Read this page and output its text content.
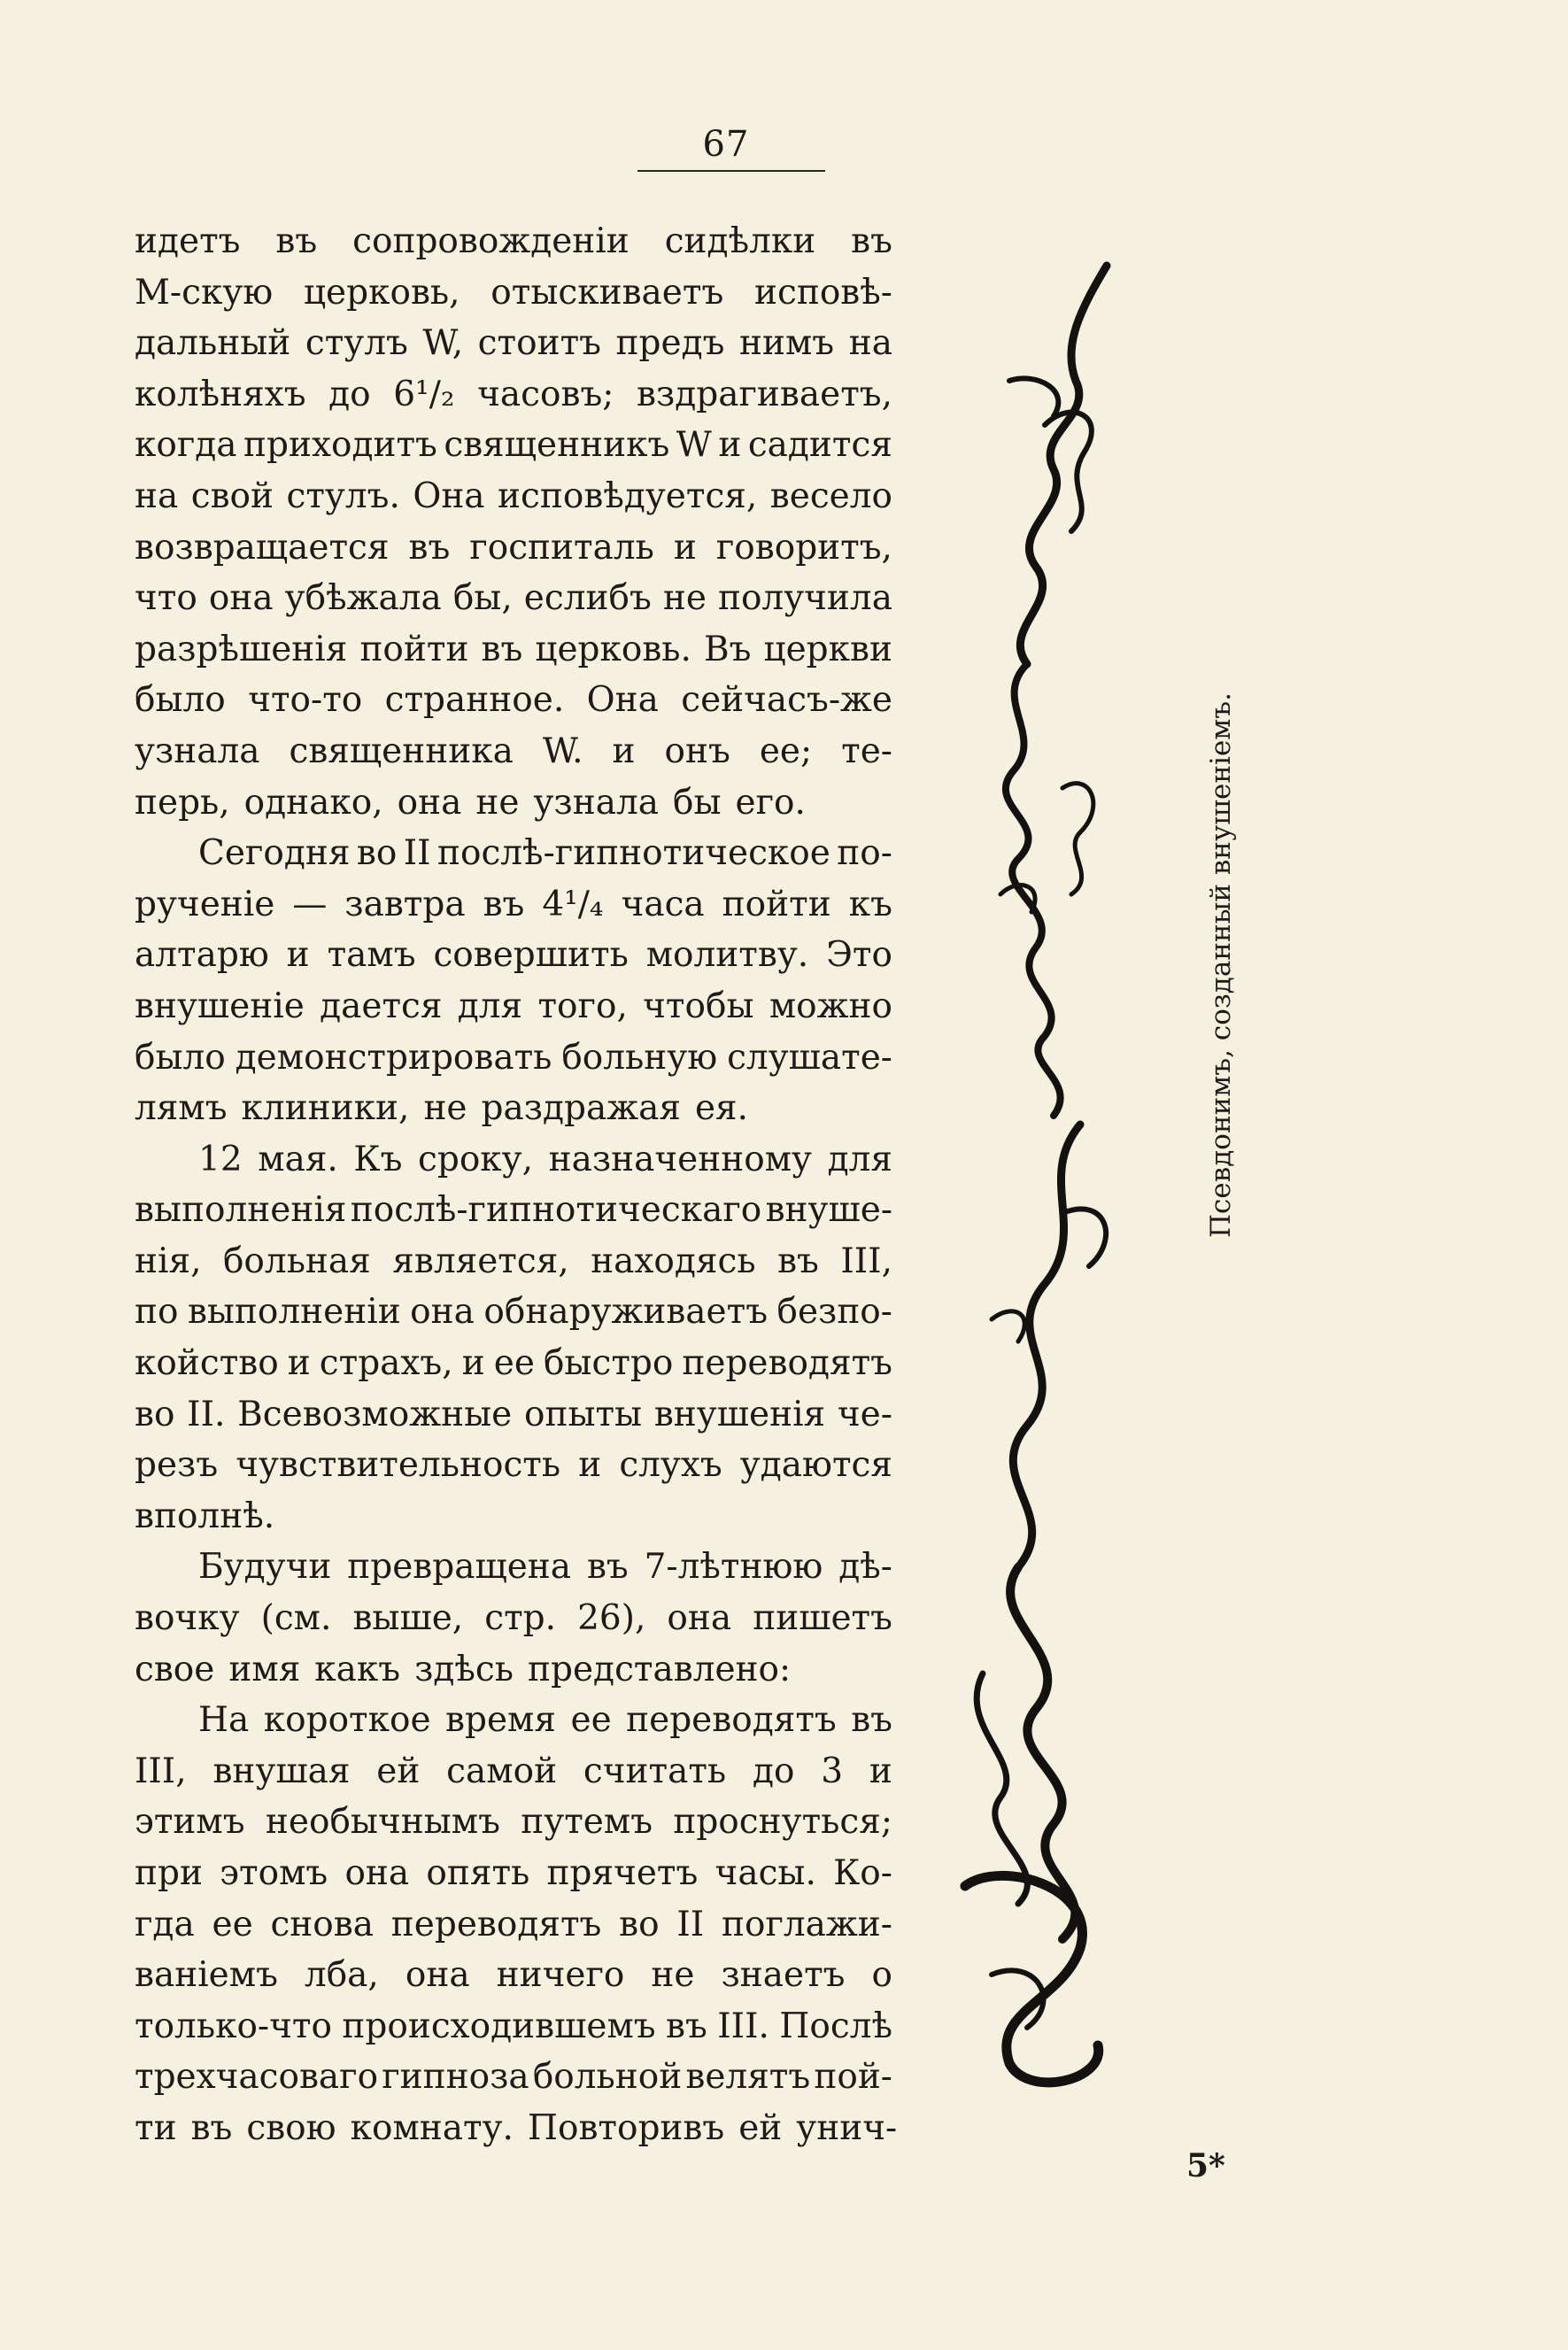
67
идетъ въ сопровожденіи сидѣлки въ
М-скую церковь, отыскиваетъ исповѣ-
дальный стулъ W, стоитъ предъ нимъ на
колѣняхъ до 6¹/₂ часовъ; вздрагиваетъ,
когда приходитъ священникъ W и садится
на свой стулъ. Она исповѣдуется, весело
возвращается въ госпиталь и говоритъ,
что она убѣжала бы, еслибъ не получила
разрѣшенія пойти въ церковь. Въ церкви
было что-то странное. Она сейчасъ-же
узнала священника W. и онъ ее; те-
перь, однако, она не узнала бы его.
Сегодня во II послѣ-гипнотическое по-
рученіе — завтра въ 4¹/₄ часа пойти къ
алтарю и тамъ совершить молитву. Это
внушеніе дается для того, чтобы можно
было демонстрировать больную слушате-
лямъ клиники, не раздражая ея.
12 мая. Къ сроку, назначенному для
выполненія послѣ-гипнотическаго внуше-
нія, больная является, находясь въ III,
по выполненіи она обнаруживаетъ безпо-
койство и страхъ, и ее быстро переводятъ
во II. Всевозможные опыты внушенія че-
резъ чувствительность и слухъ удаются
вполнѣ.
Будучи превращена въ 7-лѣтнюю дѣ-
вочку (см. выше, стр. 26), она пишетъ
свое имя какъ здѣсь представлено:
На короткое время ее переводятъ въ
III, внушая ей самой считать до 3 и
этимъ необычнымъ путемъ проснуться;
при этомъ она опять прячетъ часы. Ко-
гда ее снова переводятъ во II поглажи-
ваніемъ лба, она ничего не знаетъ о
только-что происходившемъ въ III. Послѣ
трехчасоваго гипноза больной велятъ пой-
ти въ свою комнату. Повторивъ ей унич-
Псевдонимъ, созданный внушеніемъ.
5*
